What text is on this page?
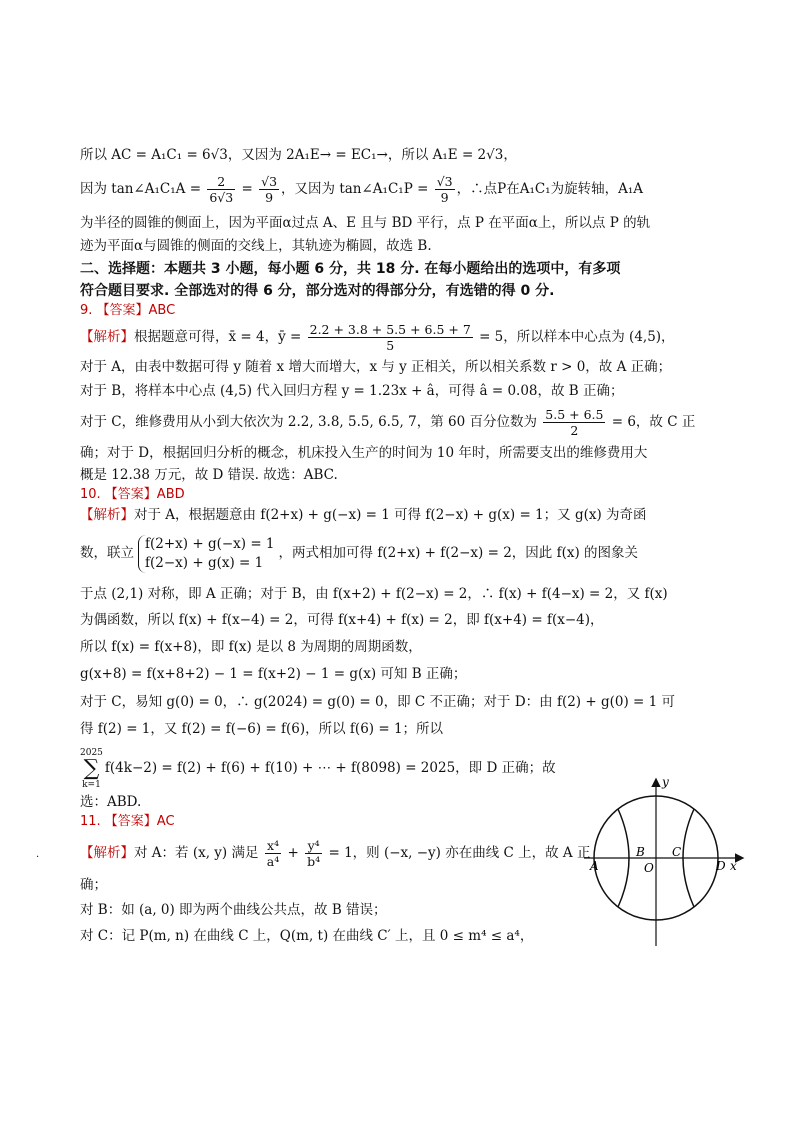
所以 AC = A₁C₁ = 6√3，又因为 2A₁E→ = EC₁→，所以 A₁E = 2√3，
因为 tan∠A₁C₁A = $\frac{2}{6√3} = \frac{√3}{9}$ ，又因为 tan∠A₁C₁P = $\frac{√3}{9}$ ，∴点P在A₁C₁为旋转轴，A₁A
为半径的圆锥的侧面上，因为平面α过点 A、E 且与 BD 平行，点 P 在平面α上，所以点 P 的轨
迹为平面α与圆锥的侧面的交线上，其轨迹为椭圆，故选 B.
二、选择题：本题共 3 小题，每小题 6 分，共 18 分. 在每小题给出的选项中，有多项
符合题目要求. 全部选对的得 6 分，部分选对的得部分分，有选错的得 0 分.
9. 【答案】ABC
【解析】根据题意可得，x̄ = 4，ȳ = $\frac{2.2 + 3.8 + 5.5 + 6.5 + 7}{5} = 5$，所以样本中心点为 (4,5)，
对于 A，由表中数据可得 y 随着 x 增大而增大，x 与 y 正相关，所以相关系数 r > 0，故 A 正确；
对于 B，将样本中心点 (4,5) 代入回归方程 y = 1.23x + â，可得 â = 0.08，故 B 正确；
对于 C，维修费用从小到大依次为 2.2, 3.8, 5.5, 6.5, 7，第 60 百分位数为 $\frac{5.5 + 6.5}{2} = 6$，故 C 正
确；对于 D，根据回归分析的概念，机床投入生产的时间为 10 年时，所需要支出的维修费用大
概是 12.38 万元，故 D 错误. 故选：ABC.
10. 【答案】ABD
【解析】对于 A，根据题意由 f(2+x) + g(−x) = 1 可得 f(2−x) + g(x) = 1；又 g(x) 为奇函
数，联立
f(2+x) + g(−x) = 1
f(2−x) + g(x) = 1
，两式相加可得 f(2+x) + f(2−x) = 2，因此 f(x) 的图象关
于点 (2,1) 对称，即 A 正确；对于 B，由 f(x+2) + f(2−x) = 2，∴ f(x) + f(4−x) = 2，又 f(x)
为偶函数，所以 f(x) + f(x−4) = 2，可得 f(x+4) + f(x) = 2，即 f(x+4) = f(x−4)，
所以 f(x) = f(x+8)，即 f(x) 是以 8 为周期的周期函数，
g(x+8) = f(x+8+2) − 1 = f(x+2) − 1 = g(x) 可知 B 正确；
对于 C，易知 g(0) = 0，∴ g(2024) = g(0) = 0，即 C 不正确；对于 D：由 f(2) + g(0) = 1 可
得 f(2) = 1，又 f(2) = f(−6) = f(6)，所以 f(6) = 1；所以
2025
∑
k=1
f(4k−2) = f(2) + f(6) + f(10) + ⋯ + f(8098) = 2025，即 D 正确；故
选：ABD.
11. 【答案】AC
【解析】对 A：若 (x, y) 满足 $\frac{\text{x⁴}}{\text{a⁴}} + \frac{\text{y⁴}}{\text{b⁴}} = 1$，则 (−x, −y) 亦在曲线 C 上，故 A 正
确；
对 B：如 (a, 0) 即为两个曲线公共点，故 B 错误；
对 C：记 P(m, n) 在曲线 C 上，Q(m, t) 在曲线 C′ 上，且 0 ≤ m⁴ ≤ a⁴，
·
y
x
A
B
O
C
D
